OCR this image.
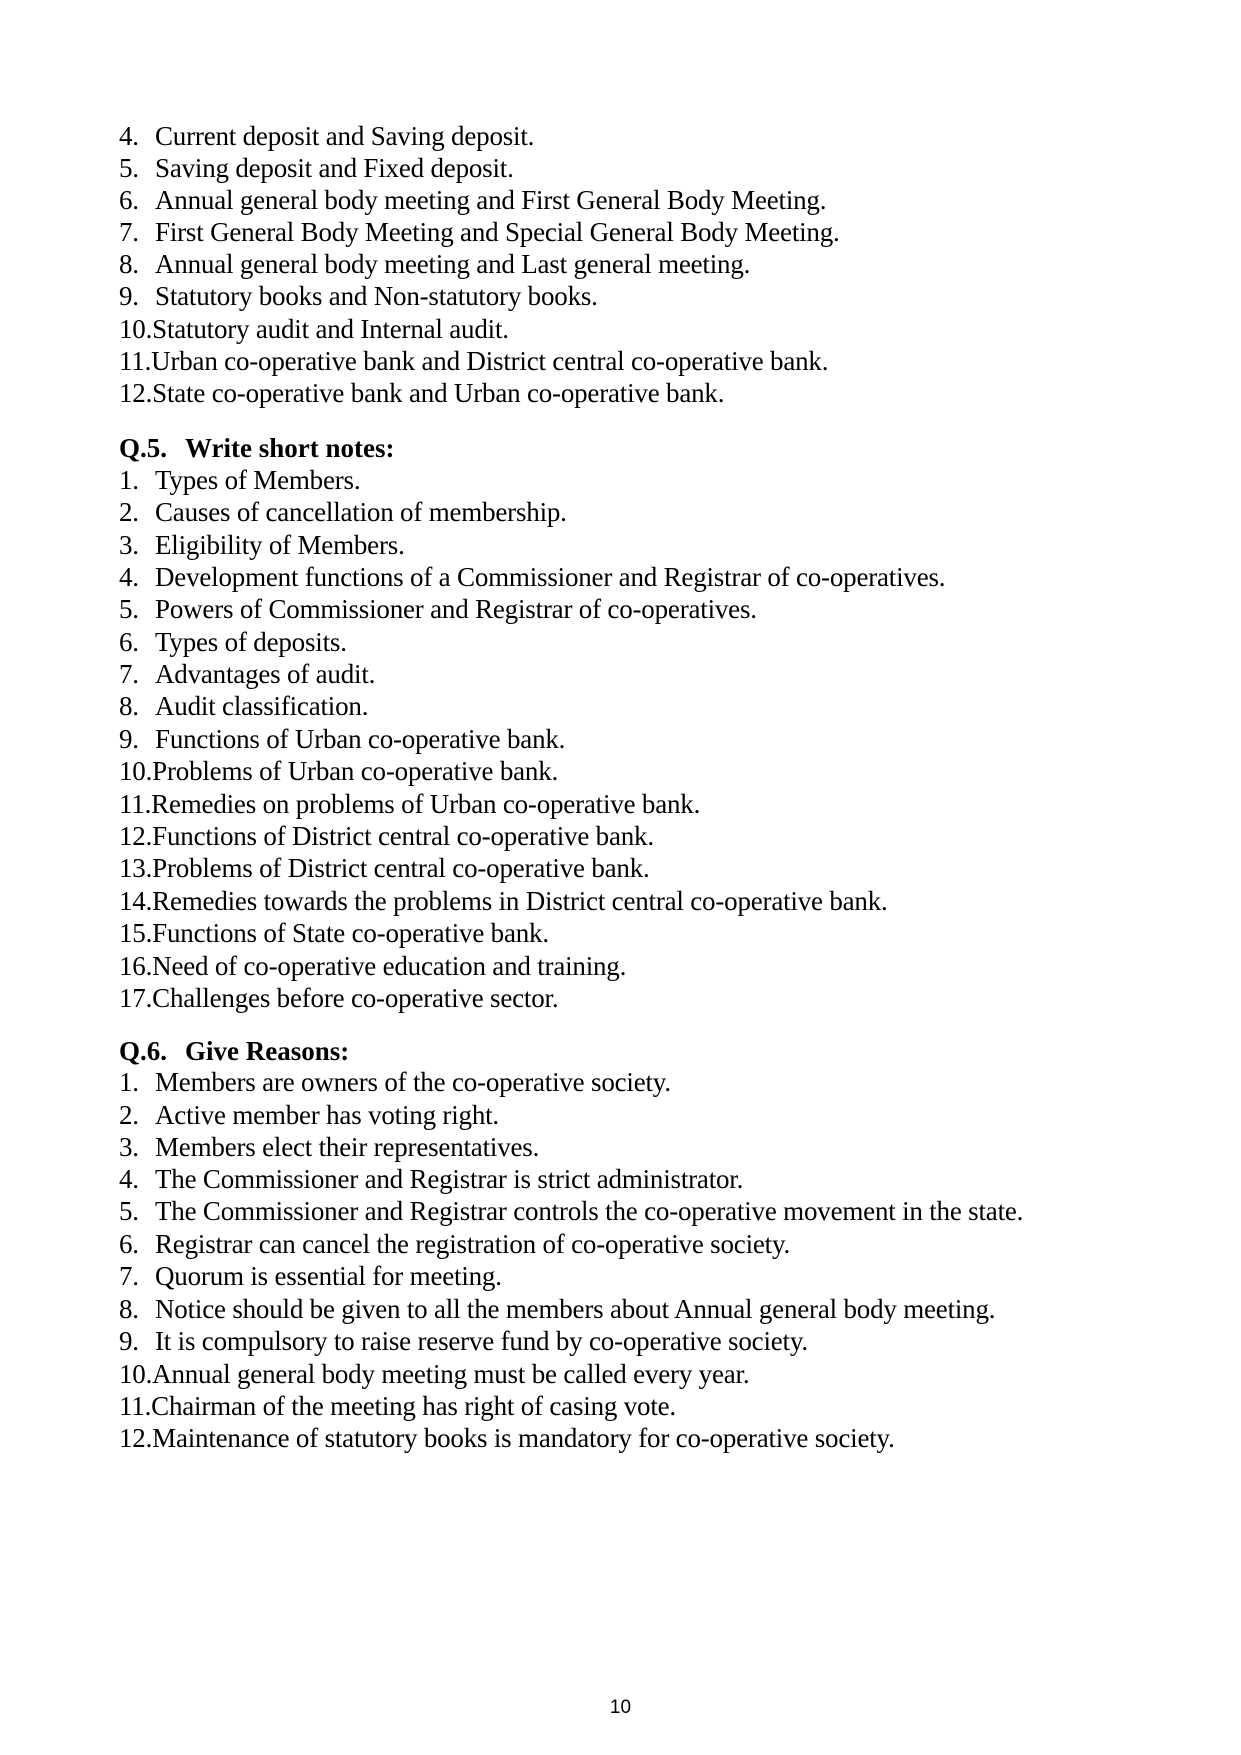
4. Current deposit and Saving deposit.
5. Saving deposit and Fixed deposit.
6. Annual general body meeting and First General Body Meeting.
7. First General Body Meeting and Special General Body Meeting.
8. Annual general body meeting and Last general meeting.
9. Statutory books and Non-statutory books.
10.Statutory audit and Internal audit.
11.Urban co-operative bank and District central co-operative bank.
12.State co-operative bank and Urban co-operative bank.
Q.5. Write short notes:
1. Types of Members.
2. Causes of cancellation of membership.
3. Eligibility of Members.
4. Development functions of a Commissioner and Registrar of co-operatives.
5. Powers of Commissioner and Registrar of co-operatives.
6. Types of deposits.
7. Advantages of audit.
8. Audit classification.
9. Functions of Urban co-operative bank.
10.Problems of Urban co-operative bank.
11.Remedies on problems of Urban co-operative bank.
12.Functions of District central co-operative bank.
13.Problems of District central co-operative bank.
14.Remedies towards the problems in District central co-operative bank.
15.Functions of State co-operative bank.
16.Need of co-operative education and training.
17.Challenges before co-operative sector.
Q.6. Give Reasons:
1. Members are owners of the co-operative society.
2. Active member has voting right.
3. Members elect their representatives.
4. The Commissioner and Registrar is strict administrator.
5. The Commissioner and Registrar controls the co-operative movement in the state.
6. Registrar can cancel the registration of co-operative society.
7. Quorum is essential for meeting.
8. Notice should be given to all the members about Annual general body meeting.
9. It is compulsory to raise reserve fund by co-operative society.
10.Annual general body meeting must be called every year.
11.Chairman of the meeting has right of casing vote.
12.Maintenance of statutory books is mandatory for co-operative society.
10
